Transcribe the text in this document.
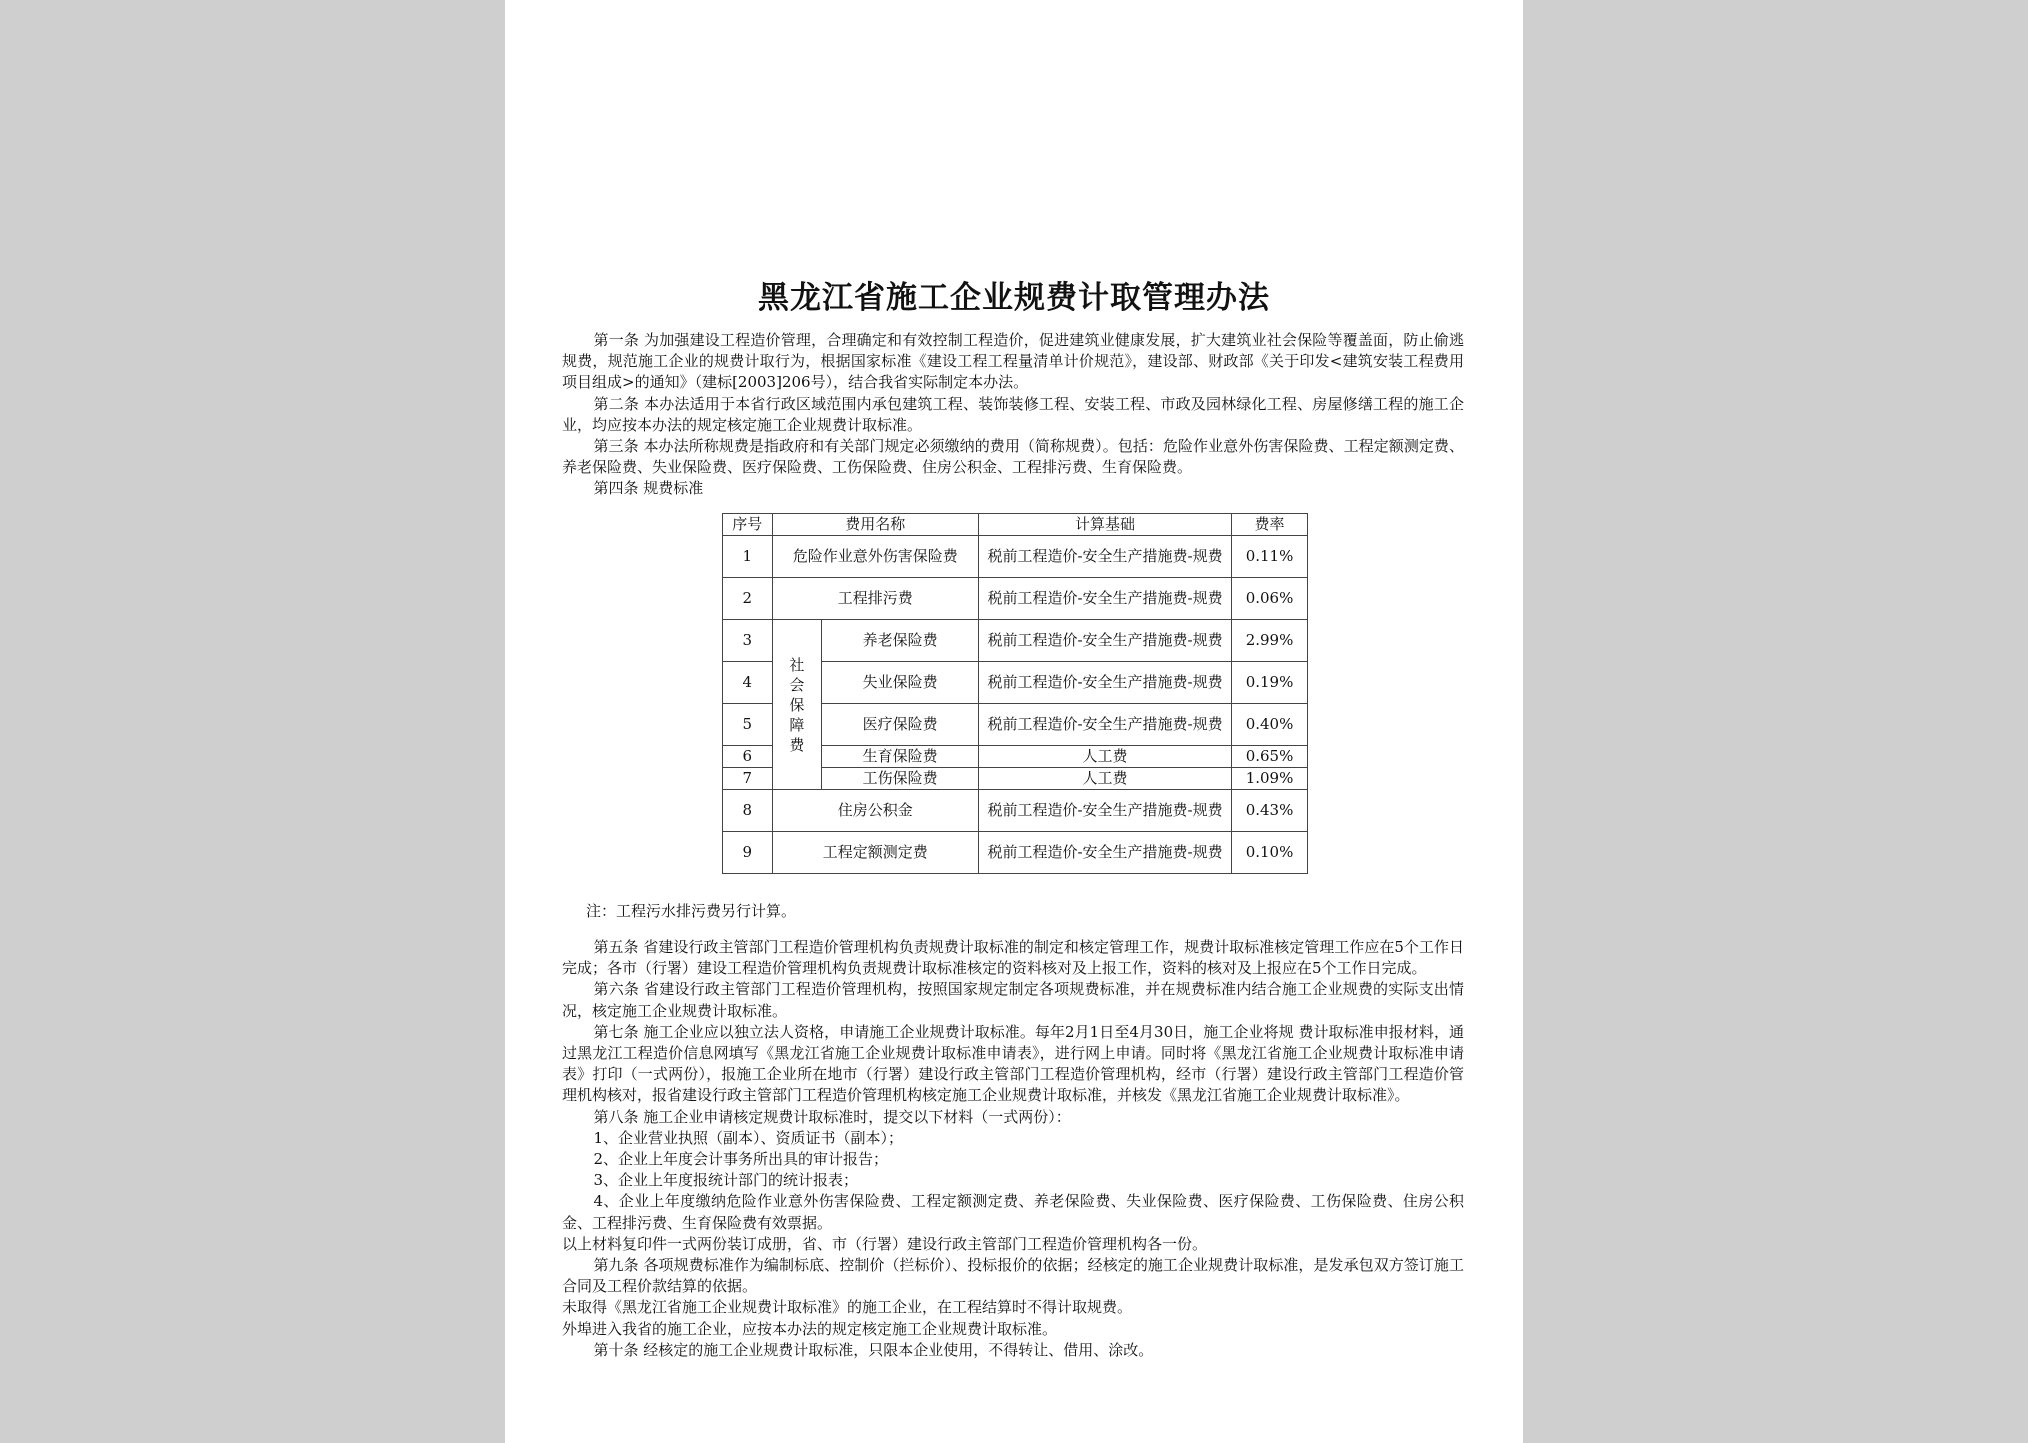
黑龙江省施工企业规费计取管理办法

第一条 为加强建设工程造价管理，合理确定和有效控制工程造价，促进建筑业健康发展，扩大建筑业社会保险等覆盖面，防止偷逃规费，规范施工企业的规费计取行为，根据国家标准《建设工程工程量清单计价规范》，建设部、财政部《关于印发<建筑安装工程费用项目组成>的通知》（建标[2003]206号），结合我省实际制定本办法。

第二条 本办法适用于本省行政区域范围内承包建筑工程、装饰装修工程、安装工程、市政及园林绿化工程、房屋修缮工程的施工企业，均应按本办法的规定核定施工企业规费计取标准。

第三条 本办法所称规费是指政府和有关部门规定必须缴纳的费用（简称规费）。包括：危险作业意外伤害保险费、工程定额测定费、养老保险费、失业保险费、医疗保险费、工伤保险费、住房公积金、工程排污费、生育保险费。

第四条 规费标准

序号	费用名称		计算基础	费率
1	危险作业意外伤害保险费		税前工程造价-安全生产措施费-规费	0.11%
2	工程排污费		税前工程造价-安全生产措施费-规费	0.06%
3	社会保障费	养老保险费	税前工程造价-安全生产措施费-规费	2.99%
4		失业保险费	税前工程造价-安全生产措施费-规费	0.19%
5		医疗保险费	税前工程造价-安全生产措施费-规费	0.40%
6		生育保险费	人工费	0.65%
7		工伤保险费	人工费	1.09%
8	住房公积金		税前工程造价-安全生产措施费-规费	0.43%
9	工程定额测定费		税前工程造价-安全生产措施费-规费	0.10%
注：工程污水排污费另行计算。

第五条 省建设行政主管部门工程造价管理机构负责规费计取标准的制定和核定管理工作，规费计取标准核定管理工作应在5个工作日完成；各市（行署）建设工程造价管理机构负责规费计取标准核定的资料核对及上报工作，资料的核对及上报应在5个工作日完成。

第六条 省建设行政主管部门工程造价管理机构，按照国家规定制定各项规费标准，并在规费标准内结合施工企业规费的实际支出情况，核定施工企业规费计取标准。

第七条 施工企业应以独立法人资格，申请施工企业规费计取标准。每年2月1日至4月30日，施工企业将规 费计取标准申报材料，通过黑龙江工程造价信息网填写《黑龙江省施工企业规费计取标准申请表》，进行网上申请。同时将《黑龙江省施工企业规费计取标准申请表》打印（一式两份），报施工企业所在地市（行署）建设行政主管部门工程造价管理机构，经市（行署）建设行政主管部门工程造价管理机构核对，报省建设行政主管部门工程造价管理机构核定施工企业规费计取标准，并核发《黑龙江省施工企业规费计取标准》。

第八条 施工企业申请核定规费计取标准时，提交以下材料（一式两份）：

1、企业营业执照（副本）、资质证书（副本）；

2、企业上年度会计事务所出具的审计报告；

3、企业上年度报统计部门的统计报表；

4、企业上年度缴纳危险作业意外伤害保险费、工程定额测定费、养老保险费、失业保险费、医疗保险费、工伤保险费、住房公积金、工程排污费、生育保险费有效票据。

以上材料复印件一式两份装订成册，省、市（行署）建设行政主管部门工程造价管理机构各一份。

第九条 各项规费标准作为编制标底、控制价（拦标价）、投标报价的依据；经核定的施工企业规费计取标准，是发承包双方签订施工合同及工程价款结算的依据。

未取得《黑龙江省施工企业规费计取标准》的施工企业，在工程结算时不得计取规费。

外埠进入我省的施工企业，应按本办法的规定核定施工企业规费计取标准。

第十条 经核定的施工企业规费计取标准，只限本企业使用，不得转让、借用、涂改。
